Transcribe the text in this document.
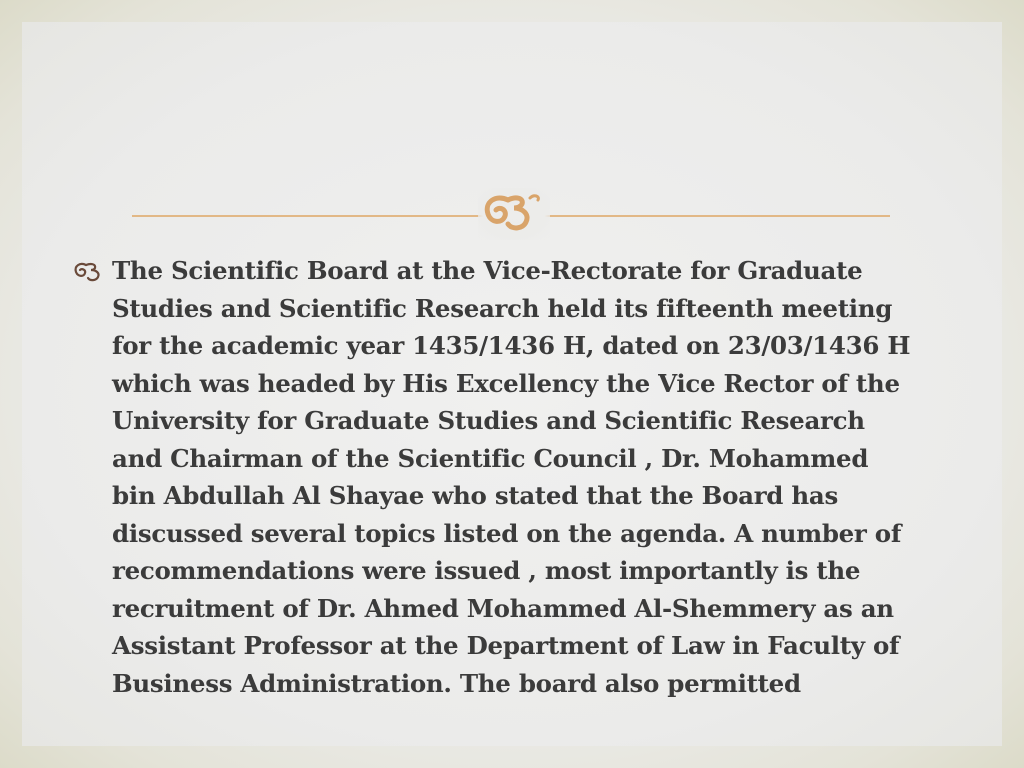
The Scientific Board at the Vice-Rectorate for Graduate
Studies and Scientific Research held its fifteenth meeting
for the academic year 1435/1436 H, dated on 23/03/1436 H
which was headed by His Excellency the Vice Rector of the
University for Graduate Studies and Scientific Research
and Chairman of the Scientific Council , Dr. Mohammed
bin Abdullah Al Shayae who stated that the Board has
discussed several topics listed on the agenda. A number of
recommendations were issued , most importantly is the
recruitment of Dr. Ahmed Mohammed Al-Shemmery as an
Assistant Professor at the Department of Law in Faculty of
Business Administration. The board also permitted
